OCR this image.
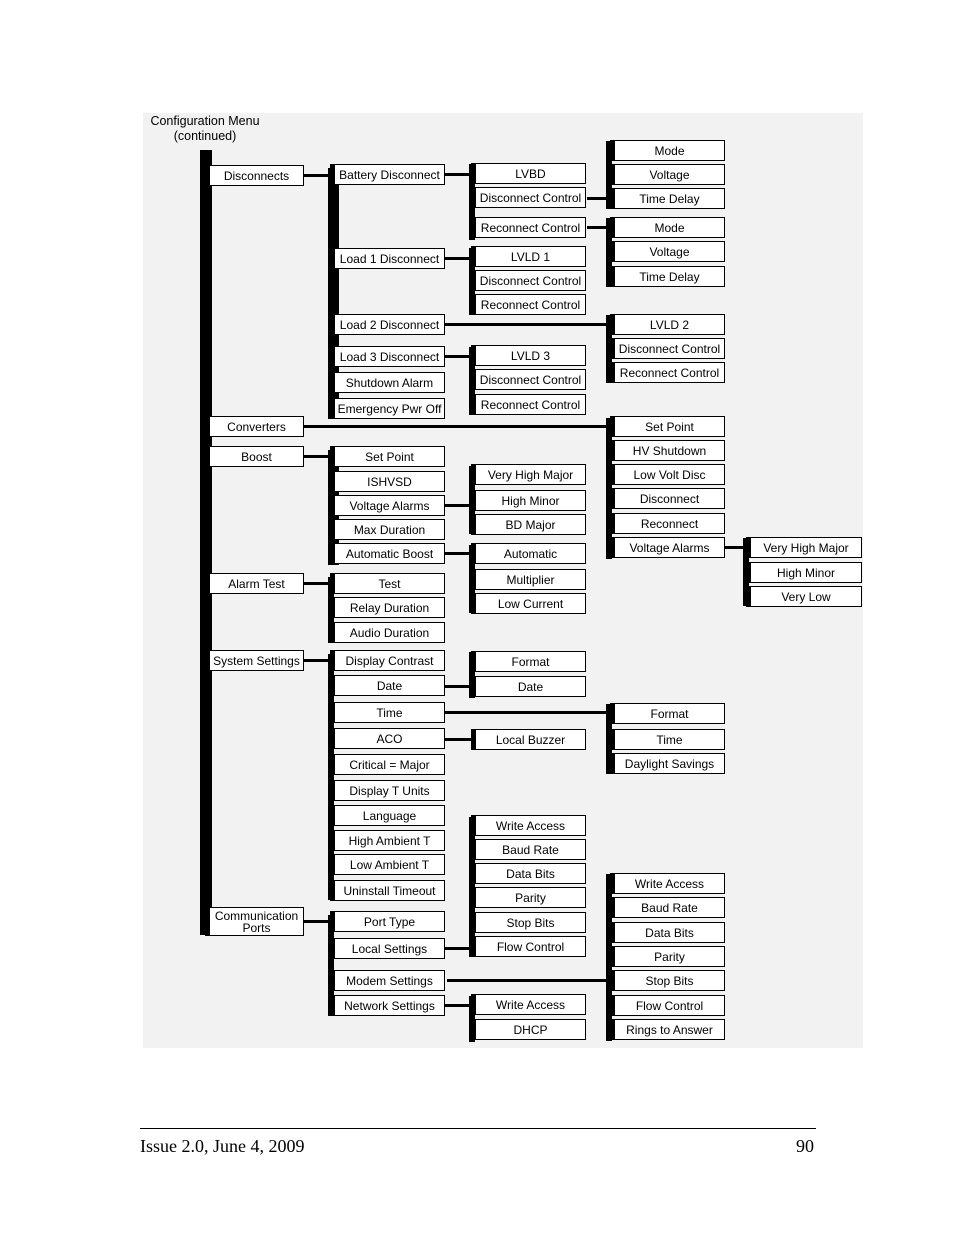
Configuration Menu
(continued)
Disconnects
Converters
Boost
Alarm Test
System Settings
Battery Disconnect
Load 1 Disconnect
Load 2 Disconnect
Load 3 Disconnect
Shutdown Alarm
Emergency Pwr Off
Set Point
ISHVSD
Voltage Alarms
Max Duration
Automatic Boost
Test
Relay Duration
Audio Duration
Display Contrast
Date
Time
ACO
Critical = Major
Display T Units
Language
High Ambient T
Low Ambient T
Uninstall Timeout
Port Type
Local Settings
Modem Settings
Network Settings
LVBD
Disconnect Control
Reconnect Control
LVLD 1
Disconnect Control
Reconnect Control
LVLD 3
Disconnect Control
Reconnect Control
Very High Major
High Minor
BD Major
Automatic
Multiplier
Low Current
Format
Date
Local Buzzer
Write Access
Baud Rate
Data Bits
Parity
Stop Bits
Flow Control
Write Access
DHCP
Mode
Voltage
Time Delay
Mode
Voltage
Time Delay
LVLD 2
Disconnect Control
Reconnect Control
Set Point
HV Shutdown
Low Volt Disc
Disconnect
Reconnect
Voltage Alarms
Format
Time
Daylight Savings
Write Access
Baud Rate
Data Bits
Parity
Stop Bits
Flow Control
Rings to Answer
Very High Major
High Minor
Very Low
Communication
Ports
Issue 2.0, June 4, 2009	90
